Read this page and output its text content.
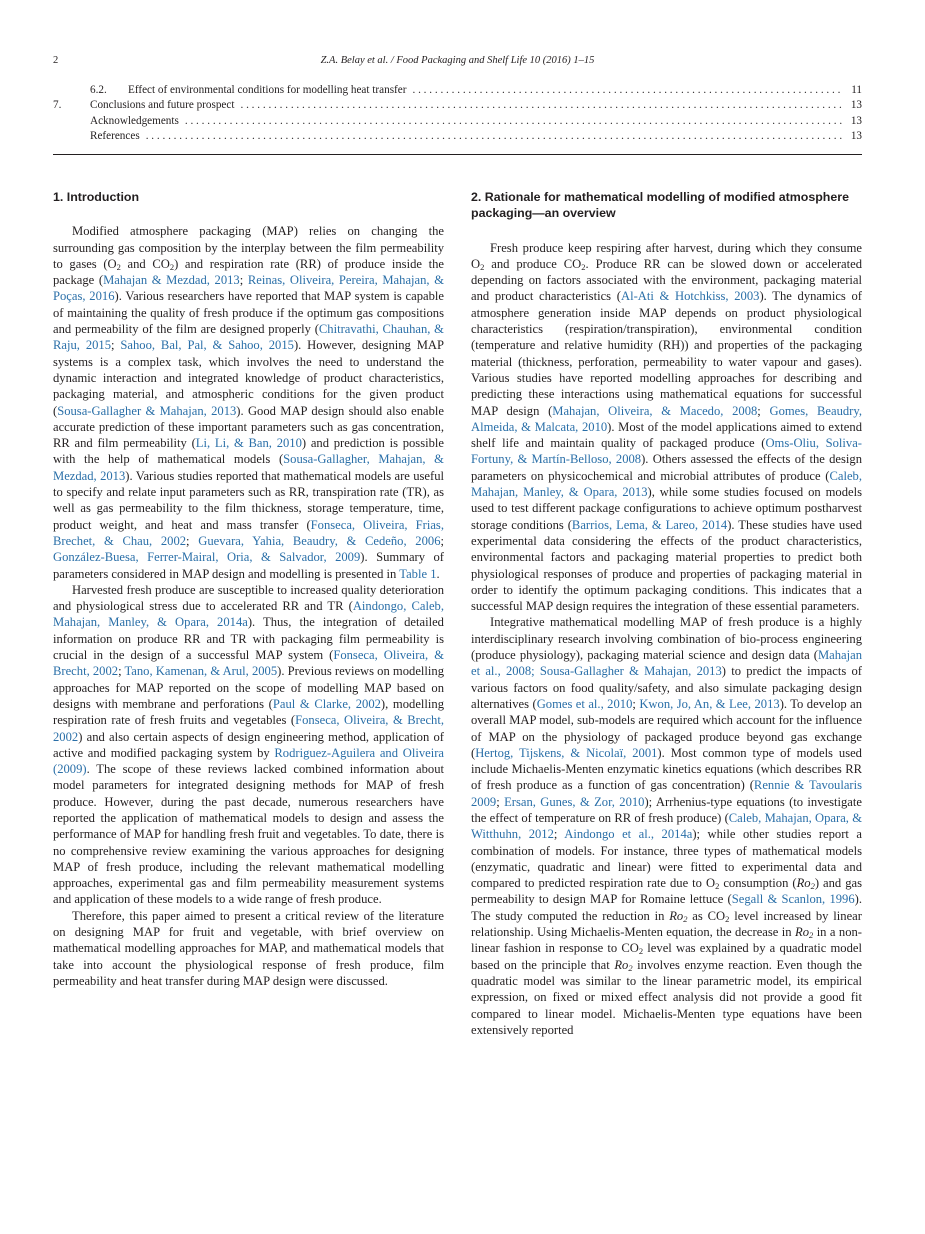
2	Z.A. Belay et al. / Food Packaging and Shelf Life 10 (2016) 1–15
6.2.	Effect of environmental conditions for modelling heat transfer . . .	11
7.	Conclusions and future prospect . . .	13
Acknowledgements . . .	13
References . . .	13
1. Introduction

Modified atmosphere packaging (MAP) relies on changing the surrounding gas composition by the interplay between the film permeability to gases ($O_2$ and $CO_2$) and respiration rate (RR) of produce inside the package (Mahajan & Mezdad, 2013; Reinas, Oliveira, Pereira, Mahajan, & Poças, 2016). Various researchers have reported that MAP system is capable of maintaining the quality of fresh produce if the optimum gas compositions and permeability of the film are designed properly (Chitravathi, Chauhan, & Raju, 2015; Sahoo, Bal, Pal, & Sahoo, 2015). However, designing MAP systems is a complex task, which involves the need to understand the dynamic interaction and integrated knowledge of product characteristics, packaging material, and atmospheric conditions for the given product (Sousa-Gallagher & Mahajan, 2013). Good MAP design should also enable accurate prediction of these important parameters such as gas concentration, RR and film permeability (Li, Li, & Ban, 2010) and prediction is possible with the help of mathematical models (Sousa-Gallagher, Mahajan, & Mezdad, 2013). Various studies reported that mathematical models are useful to specify and relate input parameters such as RR, transpiration rate (TR), as well as gas permeability to the film thickness, storage temperature, time, product weight, and heat and mass transfer (Fonseca, Oliveira, Frias, Brechet, & Chau, 2002; Guevara, Yahia, Beaudry, & Cedeño, 2006; González-Buesa, Ferrer-Mairal, Oria, & Salvador, 2009). Summary of parameters considered in MAP design and modelling is presented in Table 1.

Harvested fresh produce are susceptible to increased quality deterioration and physiological stress due to accelerated RR and TR (Aindongo, Caleb, Mahajan, Manley, & Opara, 2014a). Thus, the integration of detailed information on produce RR and TR with packaging film permeability is crucial in the design of a successful MAP system (Fonseca, Oliveira, & Brecht, 2002; Tano, Kamenan, & Arul, 2005). Previous reviews on modelling approaches for MAP reported on the scope of modelling MAP based on designs with membrane and perforations (Paul & Clarke, 2002), modelling respiration rate of fresh fruits and vegetables (Fonseca, Oliveira, & Brecht, 2002) and also certain aspects of design engineering method, application of active and modified packaging system by Rodriguez-Aguilera and Oliveira (2009). The scope of these reviews lacked combined information about model parameters for integrated designing methods for MAP of fresh produce. However, during the past decade, numerous researchers have reported the application of mathematical models to design and assess the performance of MAP for handling fresh fruit and vegetables. To date, there is no comprehensive review examining the various approaches for designing MAP of fresh produce, including the relevant mathematical modelling approaches, experimental gas and film permeability measurement systems and application of these models to a wide range of fresh produce.

Therefore, this paper aimed to present a critical review of the literature on designing MAP for fruit and vegetable, with brief overview on mathematical modelling approaches for MAP, and mathematical models that take into account the physiological response of fresh produce, film permeability and heat transfer during MAP design were discussed.

2. Rationale for mathematical modelling of modified atmosphere packaging—an overview

Fresh produce keep respiring after harvest, during which they consume $O_2$ and produce $CO_2$. Produce RR can be slowed down or accelerated depending on factors associated with the environment, packaging material and product characteristics (Al-Ati & Hotchkiss, 2003). The dynamics of atmosphere generation inside MAP depends on product physiological characteristics (respiration/transpiration), environmental condition (temperature and relative humidity (RH)) and properties of the packaging material (thickness, perforation, permeability to water vapour and gases). Various studies have reported modelling approaches for describing and predicting these interactions using mathematical equations for successful MAP design (Mahajan, Oliveira, & Macedo, 2008; Gomes, Beaudry, Almeida, & Malcata, 2010). Most of the model applications aimed to extend shelf life and maintain quality of packaged produce (Oms-Oliu, Soliva-Fortuny, & Martín-Belloso, 2008). Others assessed the effects of the design parameters on physicochemical and microbial attributes of produce (Caleb, Mahajan, Manley, & Opara, 2013), while some studies focused on models used to test different package configurations to achieve optimum postharvest storage conditions (Barrios, Lema, & Lareo, 2014). These studies have used experimental data considering the effects of the product characteristics, environmental factors and packaging material properties to predict both physiological responses of produce and properties of packaging material in order to identify the optimum packaging conditions. This indicates that a successful MAP design requires the integration of these essential parameters.

Integrative mathematical modelling MAP of fresh produce is a highly interdisciplinary research involving combination of bio-process engineering (produce physiology), packaging material science and design data (Mahajan et al., 2008; Sousa-Gallagher & Mahajan, 2013) to predict the impacts of various factors on food quality/safety, and also simulate packaging design alternatives (Gomes et al., 2010; Kwon, Jo, An, & Lee, 2013). To develop an overall MAP model, sub-models are required which account for the influence of MAP on the physiology of packaged produce beyond gas exchange (Hertog, Tijskens, & Nicolaï, 2001). Most common type of models used include Michaelis-Menten enzymatic kinetics equations (which describes RR of fresh produce as a function of gas concentration) (Rennie & Tavoularis 2009; Ersan, Gunes, & Zor, 2010); Arrhenius-type equations (to investigate the effect of temperature on RR of fresh produce) (Caleb, Mahajan, Opara, & Witthuhn, 2012; Aindongo et al., 2014a); while other studies report a combination of models. For instance, three types of mathematical models (enzymatic, quadratic and linear) were fitted to experimental data and compared to predicted respiration rate due to $O_2$ consumption $(Ro_2)$ and gas permeability to design MAP for Romaine lettuce (Segall & Scanlon, 1996). The study computed the reduction in $Ro_2$ as $CO_2$ level increased by linear relationship. Using Michaelis-Menten equation, the decrease in $Ro_2$ in a non-linear fashion in response to $CO_2$ level was explained by a quadratic model based on the principle that $Ro_2$ involves enzyme reaction. Even though the quadratic model was similar to the linear parametric model, its empirical expression, on fixed or mixed effect analysis did not provide a good fit compared to linear model. Michaelis-Menten type equations have been extensively reported
